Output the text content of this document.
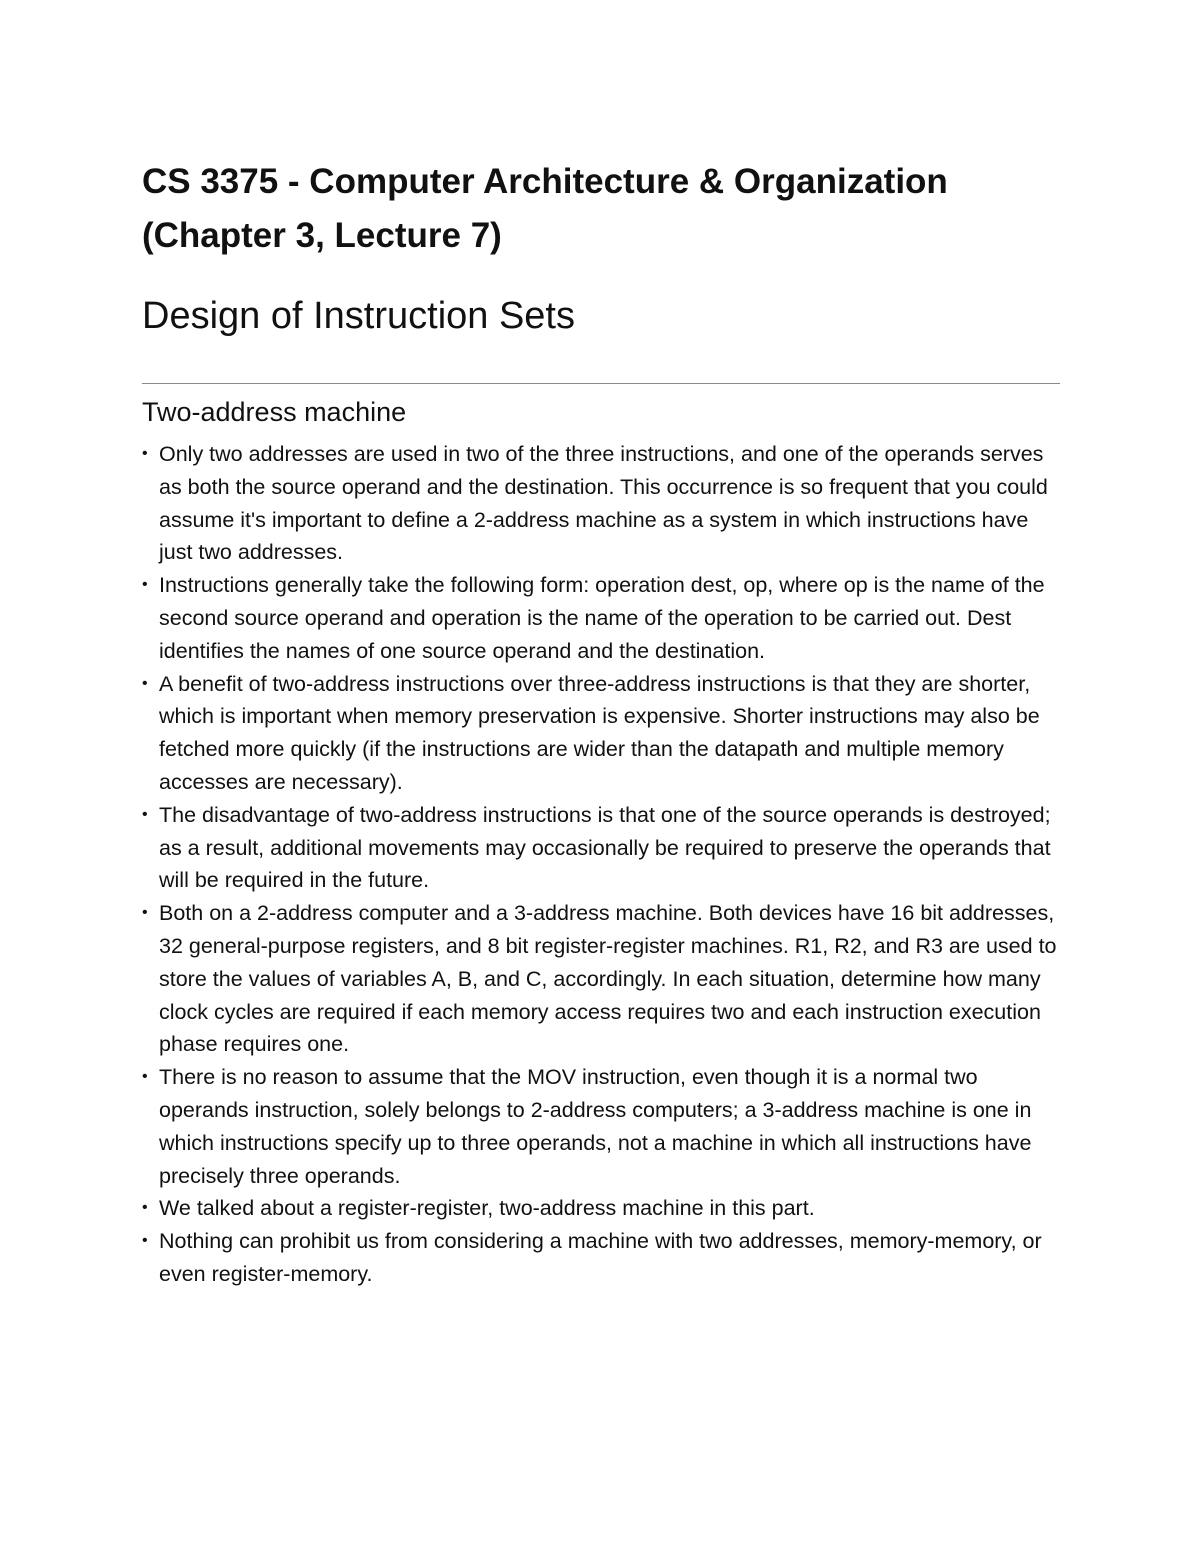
CS 3375 - Computer Architecture & Organization
(Chapter 3, Lecture 7)
Design of Instruction Sets
Two-address machine
• Only two addresses are used in two of the three instructions, and one of the operands serves as both the source operand and the destination. This occurrence is so frequent that you could assume it's important to define a 2-address machine as a system in which instructions have just two addresses.
• Instructions generally take the following form: operation dest, op, where op is the name of the second source operand and operation is the name of the operation to be carried out. Dest identifies the names of one source operand and the destination.
• A benefit of two-address instructions over three-address instructions is that they are shorter, which is important when memory preservation is expensive. Shorter instructions may also be fetched more quickly (if the instructions are wider than the datapath and multiple memory accesses are necessary).
• The disadvantage of two-address instructions is that one of the source operands is destroyed; as a result, additional movements may occasionally be required to preserve the operands that will be required in the future.
• Both on a 2-address computer and a 3-address machine. Both devices have 16 bit addresses, 32 general-purpose registers, and 8 bit register-register machines. R1, R2, and R3 are used to store the values of variables A, B, and C, accordingly. In each situation, determine how many clock cycles are required if each memory access requires two and each instruction execution phase requires one.
• There is no reason to assume that the MOV instruction, even though it is a normal two operands instruction, solely belongs to 2-address computers; a 3-address machine is one in which instructions specify up to three operands, not a machine in which all instructions have precisely three operands.
• We talked about a register-register, two-address machine in this part.
• Nothing can prohibit us from considering a machine with two addresses, memory-memory, or even register-memory.
